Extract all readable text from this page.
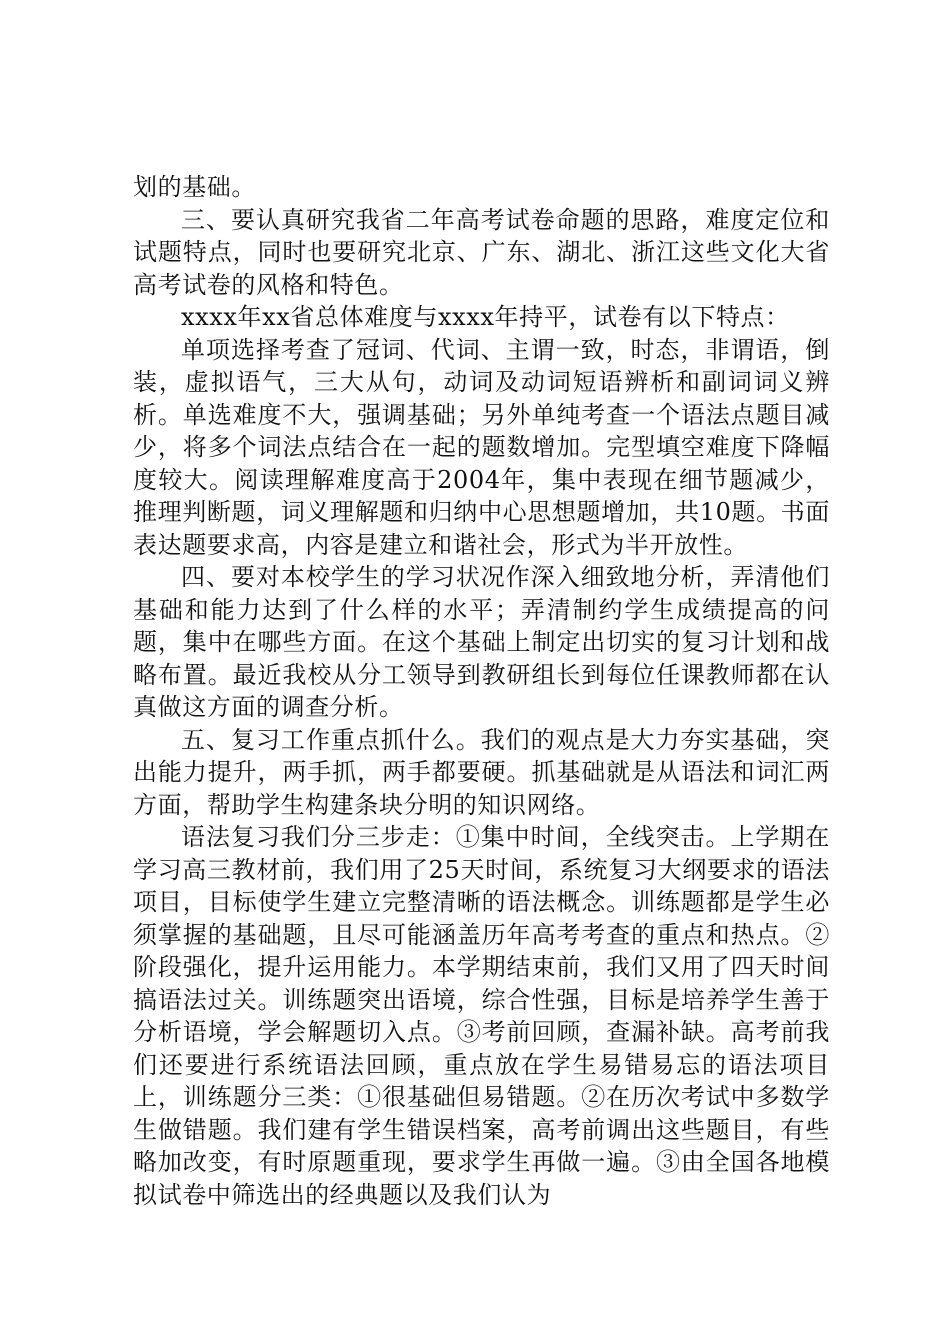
划的基础。

三、要认真研究我省二年高考试卷命题的思路，难度定位和试题特点，同时也要研究北京、广东、湖北、浙江这些文化大省高考试卷的风格和特色。

xxxx年xx省总体难度与xxxx年持平，试卷有以下特点：

单项选择考查了冠词、代词、主谓一致，时态，非谓语，倒装，虚拟语气，三大从句，动词及动词短语辨析和副词词义辨析。单选难度不大，强调基础；另外单纯考查一个语法点题目减少，将多个词法点结合在一起的题数增加。完型填空难度下降幅度较大。阅读理解难度高于2004年，集中表现在细节题减少，推理判断题，词义理解题和归纳中心思想题增加，共10题。书面表达题要求高，内容是建立和谐社会，形式为半开放性。

四、要对本校学生的学习状况作深入细致地分析，弄清他们基础和能力达到了什么样的水平；弄清制约学生成绩提高的问题，集中在哪些方面。在这个基础上制定出切实的复习计划和战略布置。最近我校从分工领导到教研组长到每位任课教师都在认真做这方面的调查分析。

五、复习工作重点抓什么。我们的观点是大力夯实基础，突出能力提升，两手抓，两手都要硬。抓基础就是从语法和词汇两方面，帮助学生构建条块分明的知识网络。

语法复习我们分三步走：①集中时间，全线突击。上学期在学习高三教材前，我们用了25天时间，系统复习大纲要求的语法项目，目标使学生建立完整清晰的语法概念。训练题都是学生必须掌握的基础题，且尽可能涵盖历年高考考查的重点和热点。②阶段强化，提升运用能力。本学期结束前，我们又用了四天时间搞语法过关。训练题突出语境，综合性强，目标是培养学生善于分析语境，学会解题切入点。③考前回顾，查漏补缺。高考前我们还要进行系统语法回顾，重点放在学生易错易忘的语法项目上，训练题分三类：①很基础但易错题。②在历次考试中多数学生做错题。我们建有学生错误档案，高考前调出这些题目，有些略加改变，有时原题重现，要求学生再做一遍。③由全国各地模拟试卷中筛选出的经典题以及我们认为
